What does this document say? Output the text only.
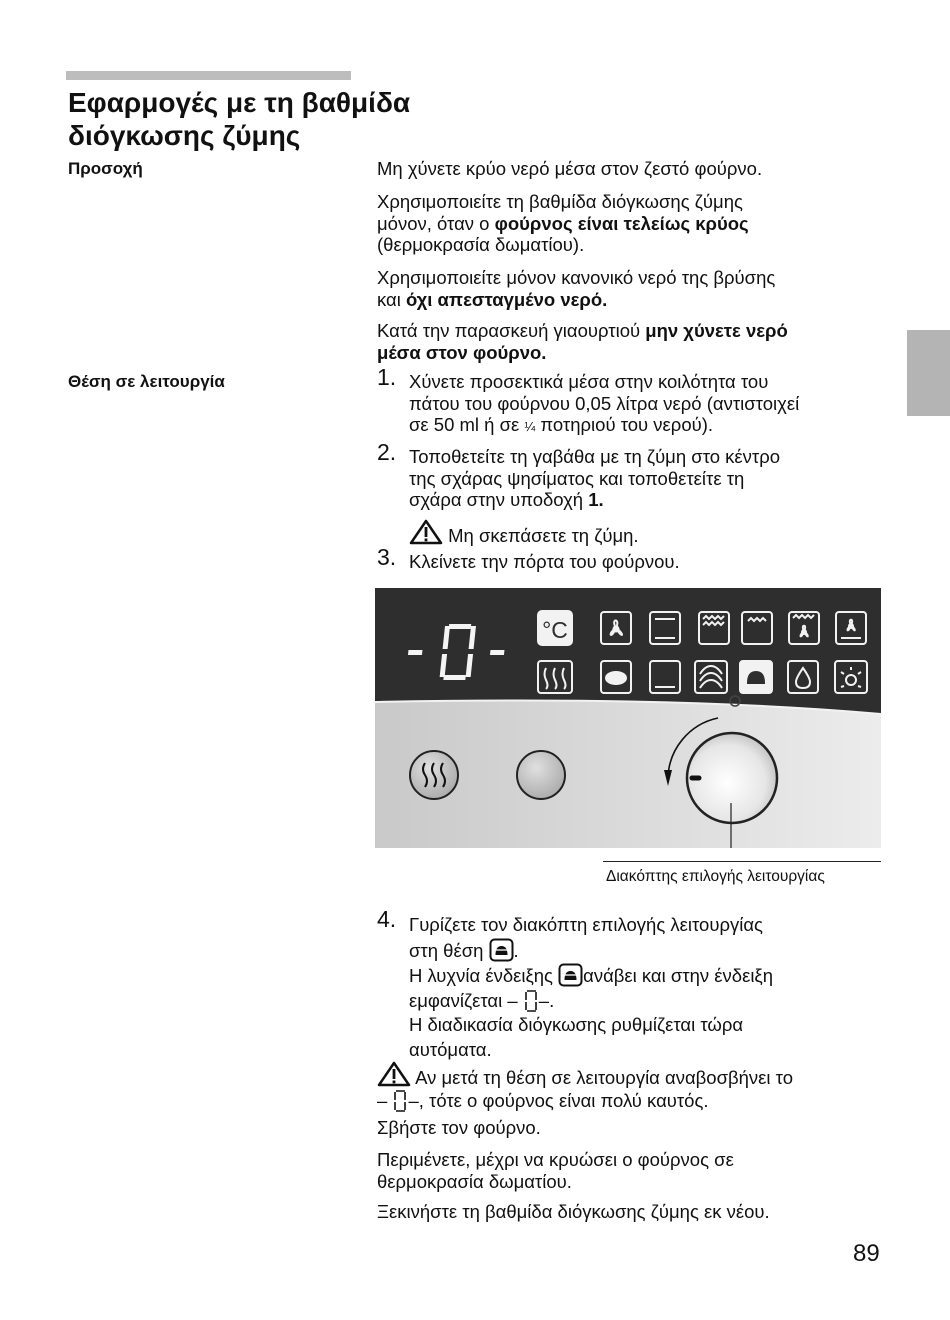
Εφαρμογές με τη βαθμίδα
διόγκωσης ζύμης
Προσοχή	Μη χύνετε κρύο νερό μέσα στον ζεστό φούρνο.

Χρησιμοποιείτε τη βαθμίδα διόγκωσης ζύμης
μόνον, όταν ο φούρνος είναι τελείως κρύος
(θερμοκρασία δωματίου).

Χρησιμοποιείτε μόνον κανονικό νερό της βρύσης
και όχι απεσταγμένο νερό.

Κατά την παρασκευή γιαουρτιού μην χύνετε νερό
μέσα στον φούρνο.

Θέση σε λειτουργία	1. Χύνετε προσεκτικά μέσα στην κοιλότητα του
πάτου του φούρνου 0,05 λίτρα νερό (αντιστοιχεί
σε 50 ml ή σε ¼ ποτηριού του νερού).
2. Τοποθετείτε τη γαβάθα με τη ζύμη στο κέντρο
της σχάρας ψησίματος και τοποθετείτε τη
σχάρα στην υποδοχή 1.
Μη σκεπάσετε τη ζύμη.
3. Κλείνετε την πόρτα του φούρνου.
°C
Διακόπτης επιλογής λειτουργίας
4. Γυρίζετε τον διακόπτη επιλογής λειτουργίας
στη θέση .
Η λυχνία ένδειξης ανάβει και στην ένδειξη
εμφανίζεται – –.
Η διαδικασία διόγκωσης ρυθμίζεται τώρα
αυτόματα.
Αν μετά τη θέση σε λειτουργία αναβοσβήνει το
– –, τότε ο φούρνος είναι πολύ καυτός.

Σβήστε τον φούρνο.

Περιμένετε, μέχρι να κρυώσει ο φούρνος σε
θερμοκρασία δωματίου.

Ξεκινήστε τη βαθμίδα διόγκωσης ζύμης εκ νέου.

89
